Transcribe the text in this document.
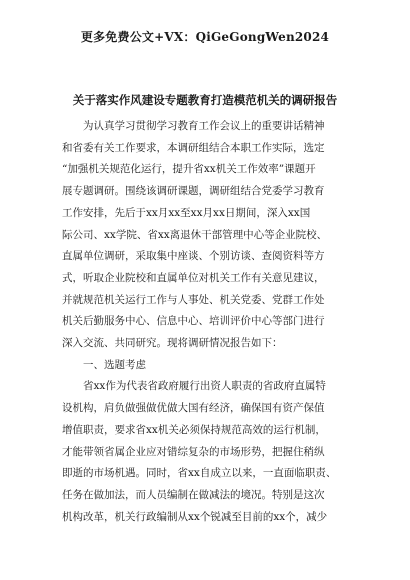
更多免费公文+VX：QiGeGongWen2024
关于落实作风建设专题教育打造模范机关的调研报告
为认真学习贯彻学习教育工作会议上的重要讲话精神
和省委有关工作要求，本调研组结合本职工作实际，选定
“加强机关规范化运行，提升省xx机关工作效率”课题开
展专题调研。围绕该调研课题，调研组结合党委学习教育
工作安排，先后于xx月xx至xx月xx日期间，深入xx国
际公司、xx学院、省xx离退休干部管理中心等企业院校、
直属单位调研，采取集中座谈、个别访谈、查阅资料等方
式，听取企业院校和直属单位对机关工作有关意见建议，
并就规范机关运行工作与人事处、机关党委、党群工作处
机关后勤服务中心、信息中心、培训评价中心等部门进行
深入交流、共同研究。现将调研情况报告如下：
一、选题考虑
省xx作为代表省政府履行出资人职责的省政府直属特
设机构，肩负做强做优做大国有经济，确保国有资产保值
增值职责，要求省xx机关必须保持规范高效的运行机制，
才能带领省属企业应对错综复杂的市场形势，把握住稍纵
即逝的市场机遇。同时，省xx自成立以来，一直面临职责、
任务在做加法，而人员编制在做减法的境况。特别是这次
机构改革，机关行政编制从xx个锐减至目前的xx个，减少
